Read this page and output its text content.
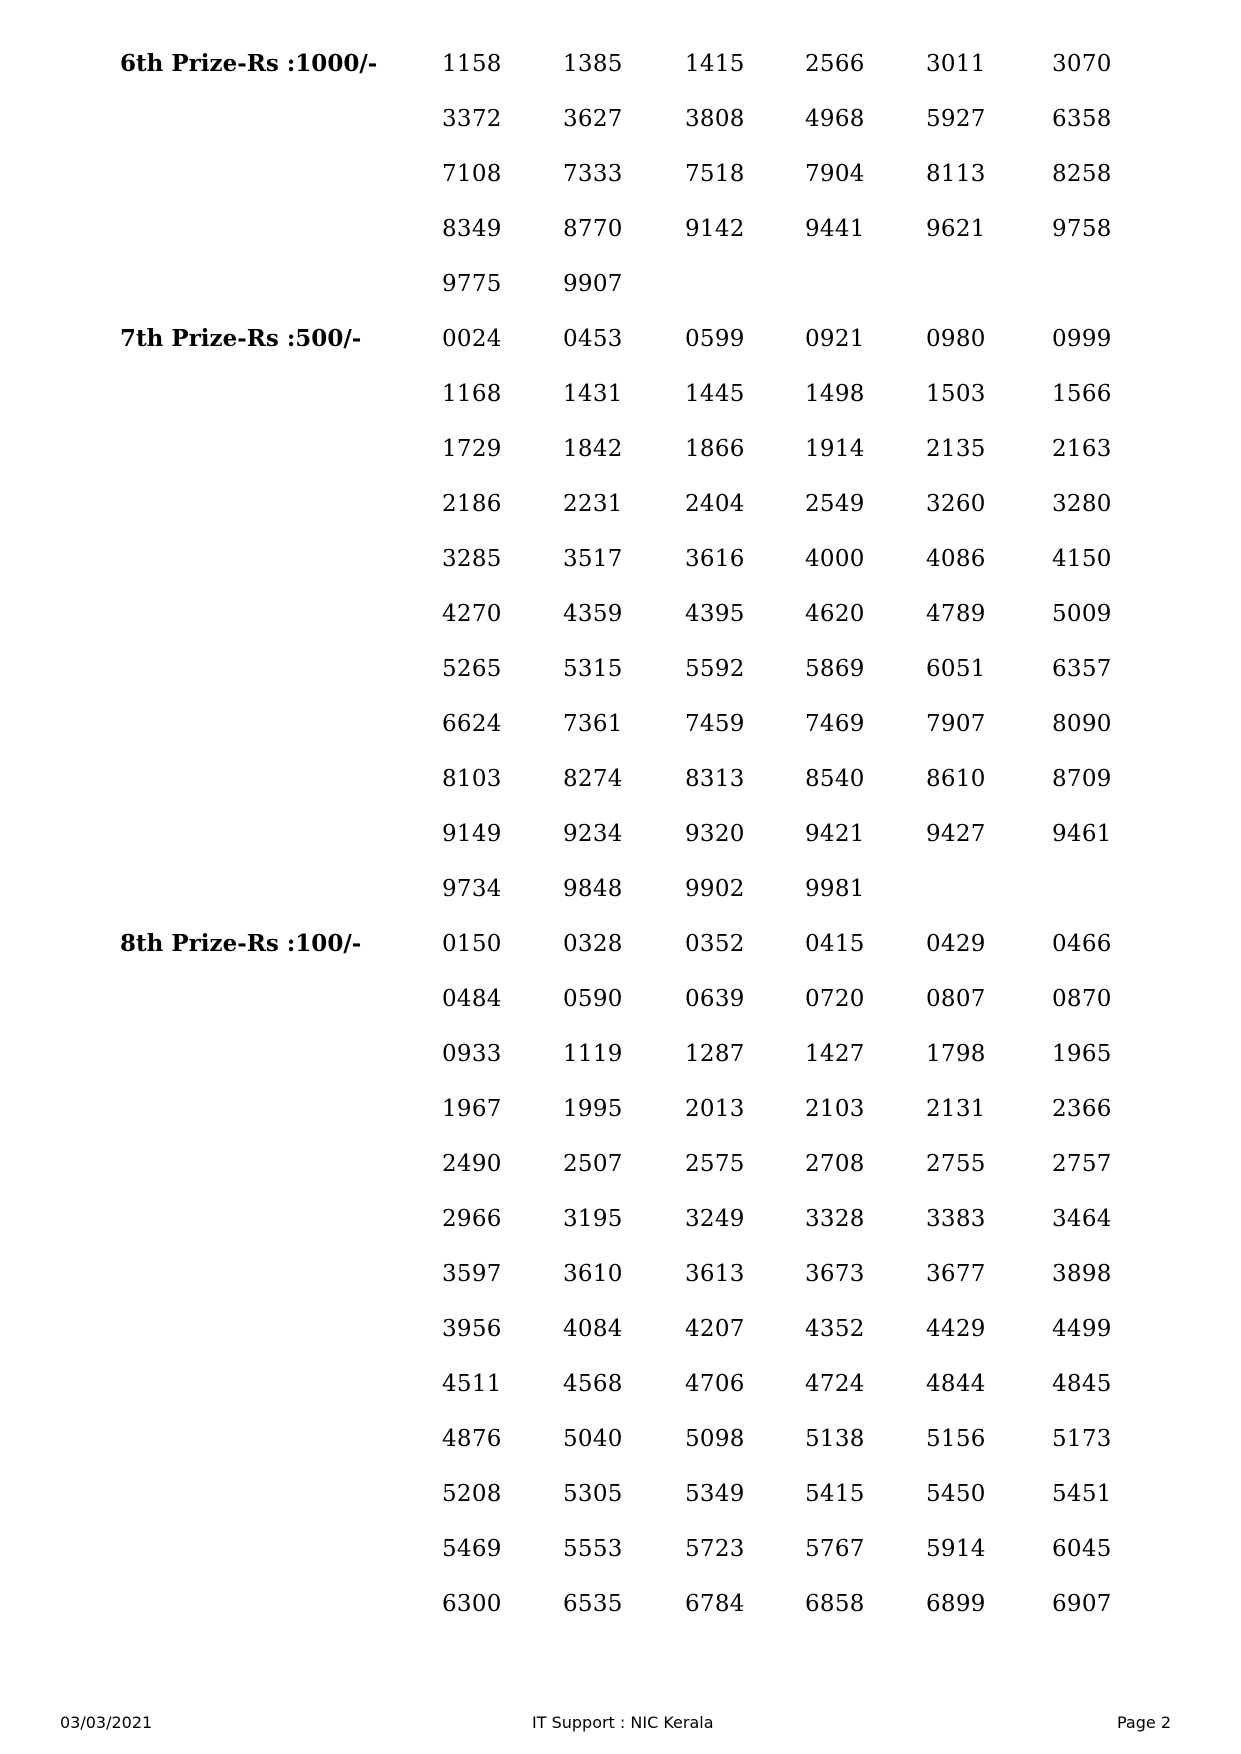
6th Prize-Rs :1000/-	1158	1385	1415	2566	3011	3070
3372	3627	3808	4968	5927	6358
7108	7333	7518	7904	8113	8258
8349	8770	9142	9441	9621	9758
9775	9907
7th Prize-Rs :500/-	0024	0453	0599	0921	0980	0999
1168	1431	1445	1498	1503	1566
1729	1842	1866	1914	2135	2163
2186	2231	2404	2549	3260	3280
3285	3517	3616	4000	4086	4150
4270	4359	4395	4620	4789	5009
5265	5315	5592	5869	6051	6357
6624	7361	7459	7469	7907	8090
8103	8274	8313	8540	8610	8709
9149	9234	9320	9421	9427	9461
9734	9848	9902	9981
8th Prize-Rs :100/-	0150	0328	0352	0415	0429	0466
0484	0590	0639	0720	0807	0870
0933	1119	1287	1427	1798	1965
1967	1995	2013	2103	2131	2366
2490	2507	2575	2708	2755	2757
2966	3195	3249	3328	3383	3464
3597	3610	3613	3673	3677	3898
3956	4084	4207	4352	4429	4499
4511	4568	4706	4724	4844	4845
4876	5040	5098	5138	5156	5173
5208	5305	5349	5415	5450	5451
5469	5553	5723	5767	5914	6045
6300	6535	6784	6858	6899	6907
03/03/2021	IT Support : NIC Kerala	Page 2
